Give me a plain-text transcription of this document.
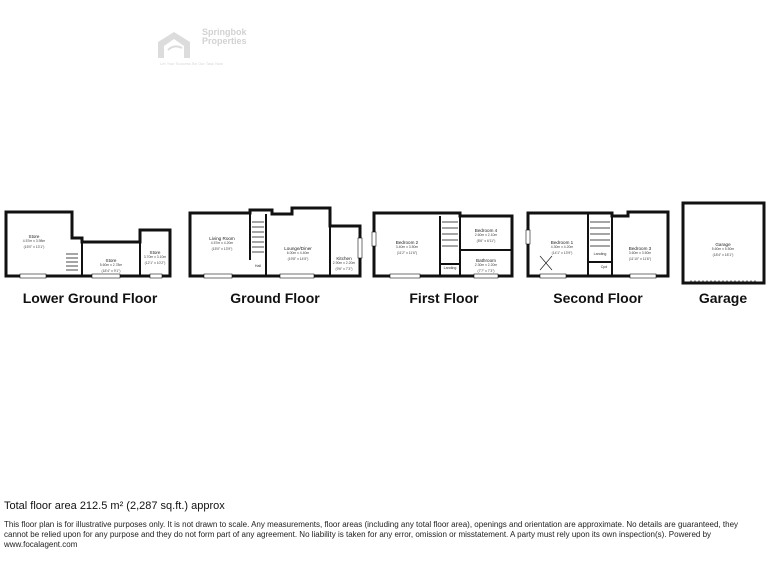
Springbok
Properties
Let Your Success Be Our Task Now
Store
4.57m x 3.98m
(15'0" x 13'1")
Store
5.60m x 2.78m
(18'4" x 9'1")
Store
3.70m x 3.10m
(12'1" x 10'2")
Living Room
4.57m x 4.20m
(15'0" x 13'9")	Lounge/Diner
6.00m x 4.40m
(19'8" x 14'5")	Kitchen
2.90m x 2.20m
(9'6" x 7'3")
Hall
Bedroom 2
3.40m x 3.50m
(11'2" x 11'6")
Bedroom 4
2.60m x 2.10m
(8'6" x 6'11")
Bathroom
2.30m x 2.20m
(7'7" x 7'3")
Landing
Bedroom 1
4.30m x 4.20m
(14'1" x 13'9")
Bedroom 3
3.60m x 3.50m
(11'10" x 11'6")
Landing
Cpd
Garage
5.60m x 5.50m
(18'4" x 18'1")
Lower Ground Floor	Ground Floor	First Floor	Second Floor	Garage
Total floor area 212.5 m² (2,287 sq.ft.) approx
This floor plan is for illustrative purposes only. It is not drawn to scale. Any measurements, floor areas (including any total floor area), openings and orientation are approximate. No details are guaranteed, they cannot be relied upon for any purpose and they do not form part of any agreement. No liability is taken for any error, omission or misstatement. A party must rely upon its own inspection(s). Powered by www.focalagent.com
